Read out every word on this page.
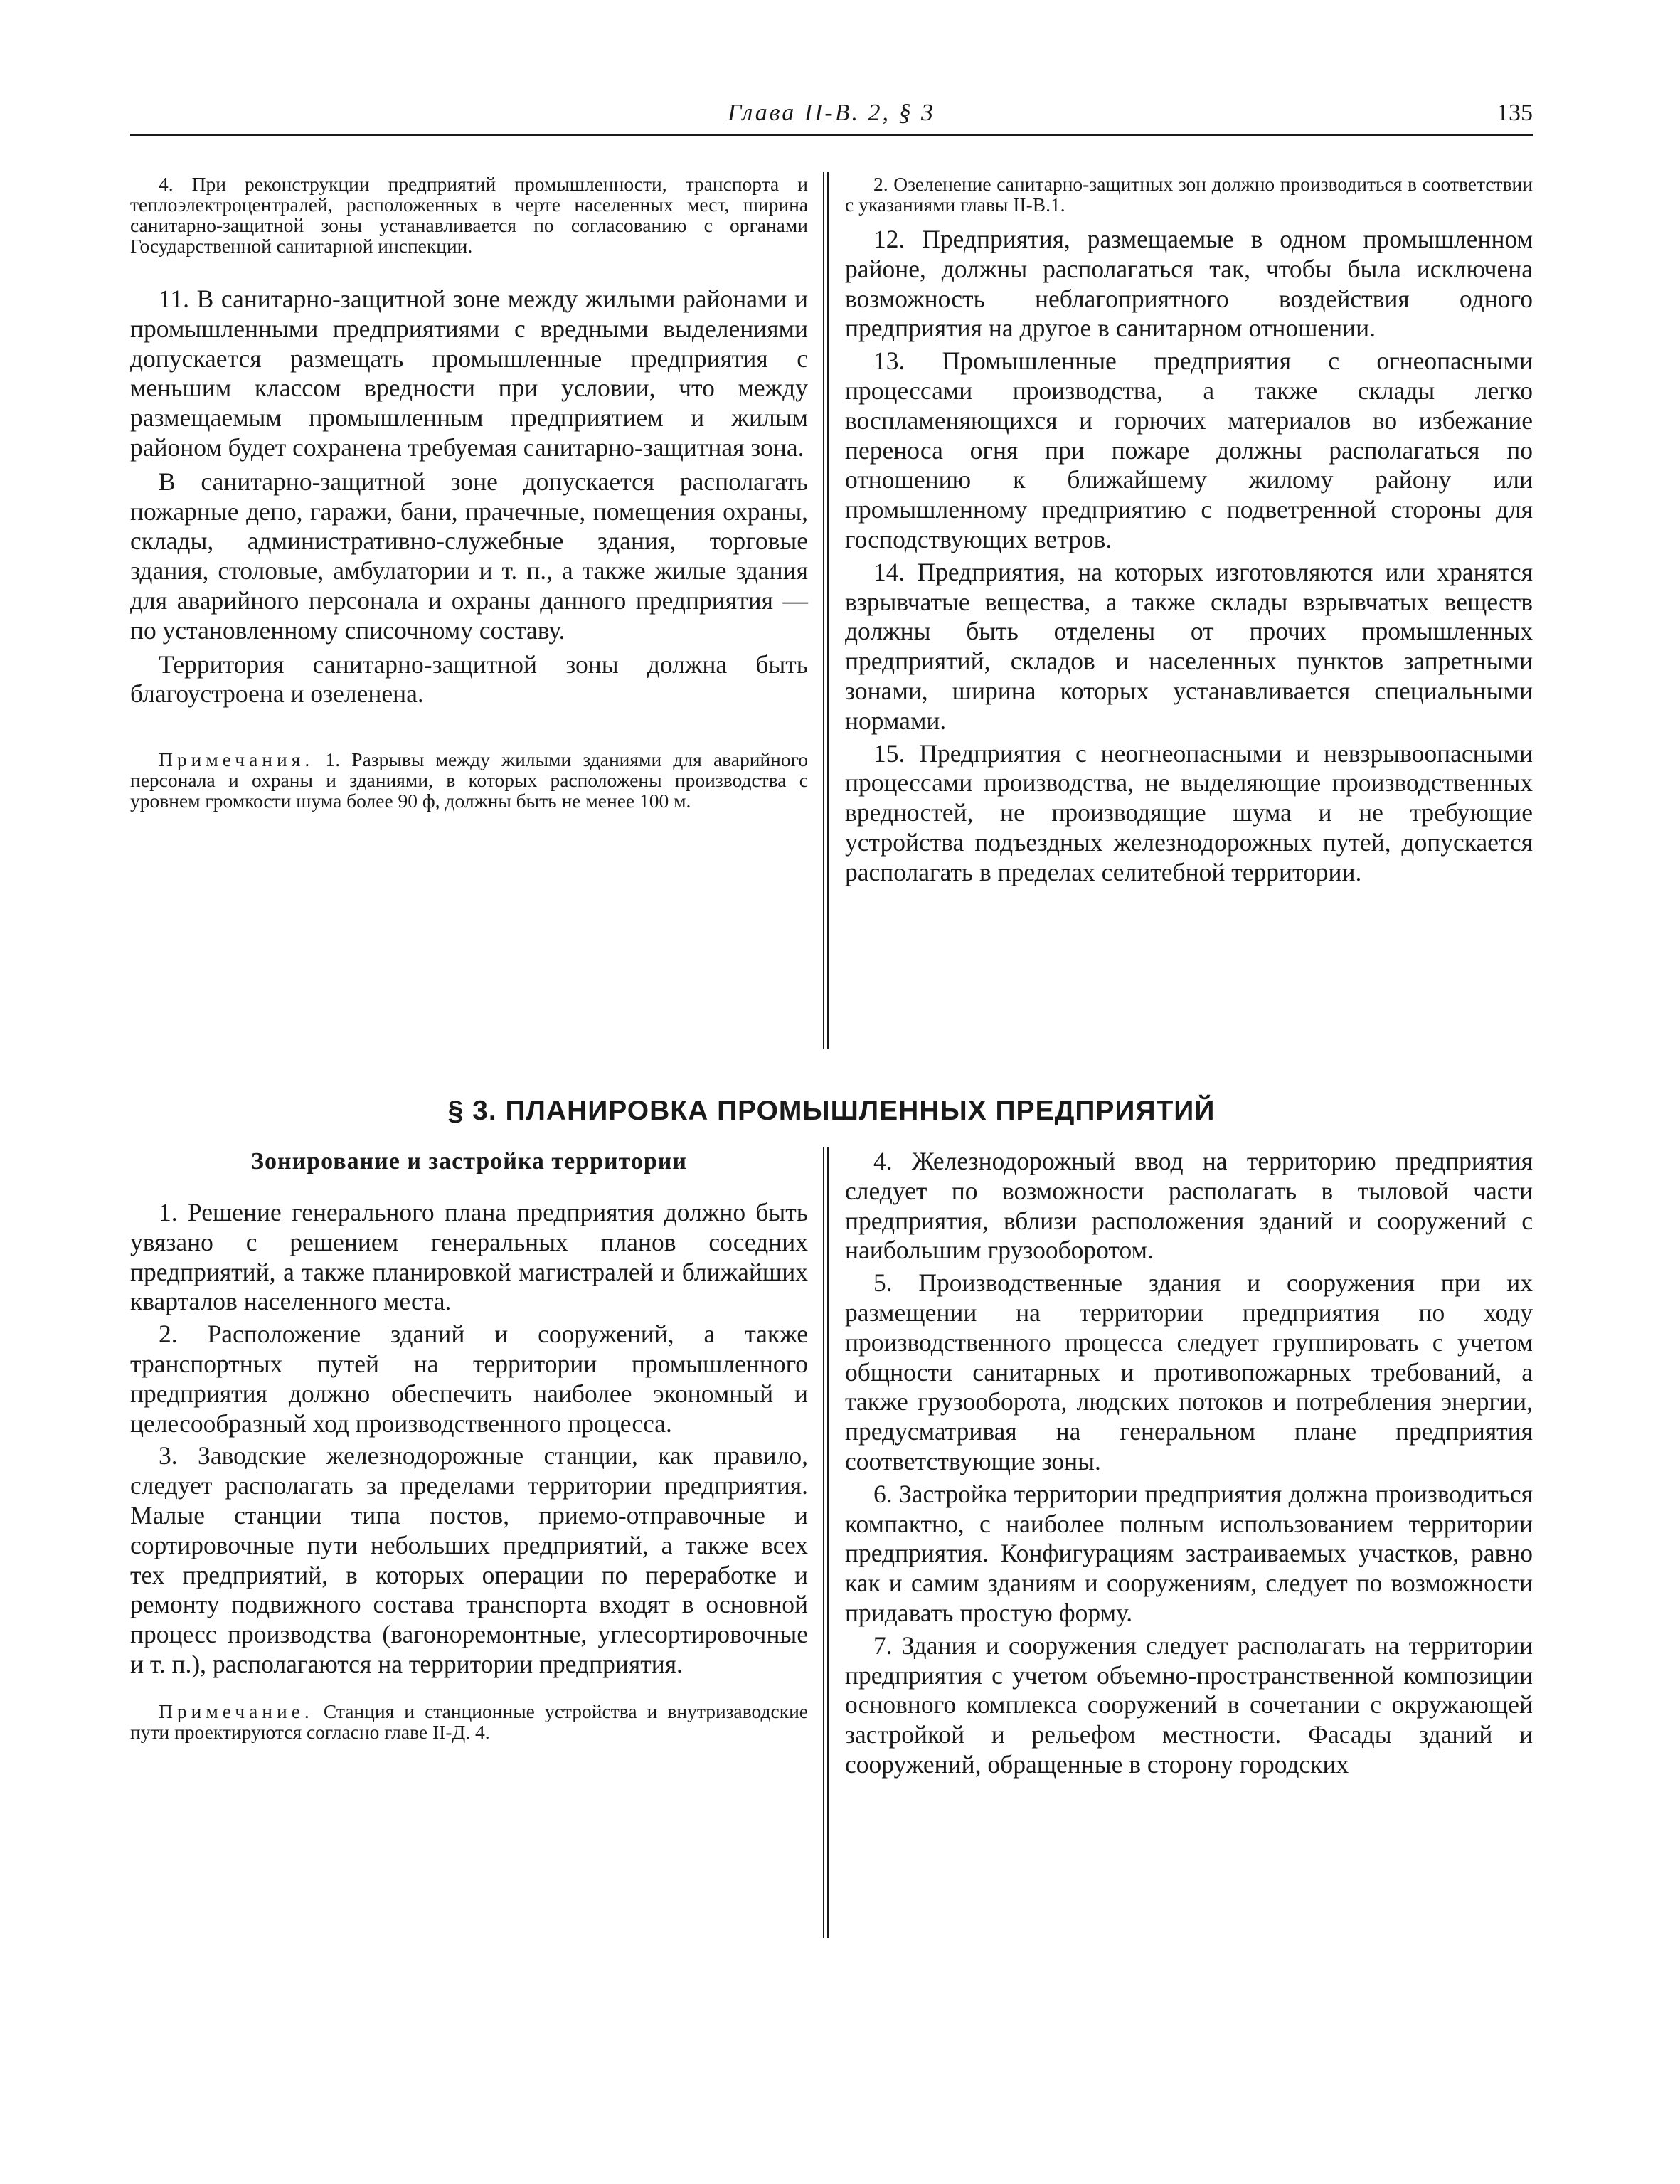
Глава II-В. 2, § 3	135

4. При реконструкции предприятий промышленности, транспорта и теплоэлектроцентралей, расположенных в черте населенных мест, ширина санитарно-защитной зоны устанавливается по согласованию с органами Государственной санитарной инспекции.

11. В санитарно-защитной зоне между жилыми районами и промышленными предприятиями с вредными выделениями допускается размещать промышленные предприятия с меньшим классом вредности при условии, что между размещаемым промышленным предприятием и жилым районом будет сохранена требуемая санитарно-защитная зона.

В санитарно-защитной зоне допускается располагать пожарные депо, гаражи, бани, прачечные, помещения охраны, склады, административно-служебные здания, торговые здания, столовые, амбулатории и т. п., а также жилые здания для аварийного персонала и охраны данного предприятия — по установленному списочному составу.

Территория санитарно-защитной зоны должна быть благоустроена и озеленена.

Примечания. 1. Разрывы между жилыми зданиями для аварийного персонала и охраны и зданиями, в которых расположены производства с уровнем громкости шума более 90 ф, должны быть не менее 100 м.

2. Озеленение санитарно-защитных зон должно производиться в соответствии с указаниями главы II-В.1.

12. Предприятия, размещаемые в одном промышленном районе, должны располагаться так, чтобы была исключена возможность неблагоприятного воздействия одного предприятия на другое в санитарном отношении.

13. Промышленные предприятия с огнеопасными процессами производства, а также склады легко воспламеняющихся и горючих материалов во избежание переноса огня при пожаре должны располагаться по отношению к ближайшему жилому району или промышленному предприятию с подветренной стороны для господствующих ветров.

14. Предприятия, на которых изготовляются или хранятся взрывчатые вещества, а также склады взрывчатых веществ должны быть отделены от прочих промышленных предприятий, складов и населенных пунктов запретными зонами, ширина которых устанавливается специальными нормами.

15. Предприятия с неогнеопасными и невзрывоопасными процессами производства, не выделяющие производственных вредностей, не производящие шума и не требующие устройства подъездных железнодорожных путей, допускается располагать в пределах селитебной территории.

§ 3. ПЛАНИРОВКА ПРОМЫШЛЕННЫХ ПРЕДПРИЯТИЙ

Зонирование и застройка территории

1. Решение генерального плана предприятия должно быть увязано с решением генеральных планов соседних предприятий, а также планировкой магистралей и ближайших кварталов населенного места.

2. Расположение зданий и сооружений, а также транспортных путей на территории промышленного предприятия должно обеспечить наиболее экономный и целесообразный ход производственного процесса.

3. Заводские железнодорожные станции, как правило, следует располагать за пределами территории предприятия. Малые станции типа постов, приемо-отправочные и сортировочные пути небольших предприятий, а также всех тех предприятий, в которых операции по переработке и ремонту подвижного состава транспорта входят в основной процесс производства (вагоноремонтные, углесортировочные и т. п.), располагаются на территории предприятия.

Примечание. Станция и станционные устройства и внутризаводские пути проектируются согласно главе II-Д. 4.

4. Железнодорожный ввод на территорию предприятия следует по возможности располагать в тыловой части предприятия, вблизи расположения зданий и сооружений с наибольшим грузооборотом.

5. Производственные здания и сооружения при их размещении на территории предприятия по ходу производственного процесса следует группировать с учетом общности санитарных и противопожарных требований, а также грузооборота, людских потоков и потребления энергии, предусматривая на генеральном плане предприятия соответствующие зоны.

6. Застройка территории предприятия должна производиться компактно, с наиболее полным использованием территории предприятия. Конфигурациям застраиваемых участков, равно как и самим зданиям и сооружениям, следует по возможности придавать простую форму.

7. Здания и сооружения следует располагать на территории предприятия с учетом объемно-пространственной композиции основного комплекса сооружений в сочетании с окружающей застройкой и рельефом местности. Фасады зданий и сооружений, обращенные в сторону городских
